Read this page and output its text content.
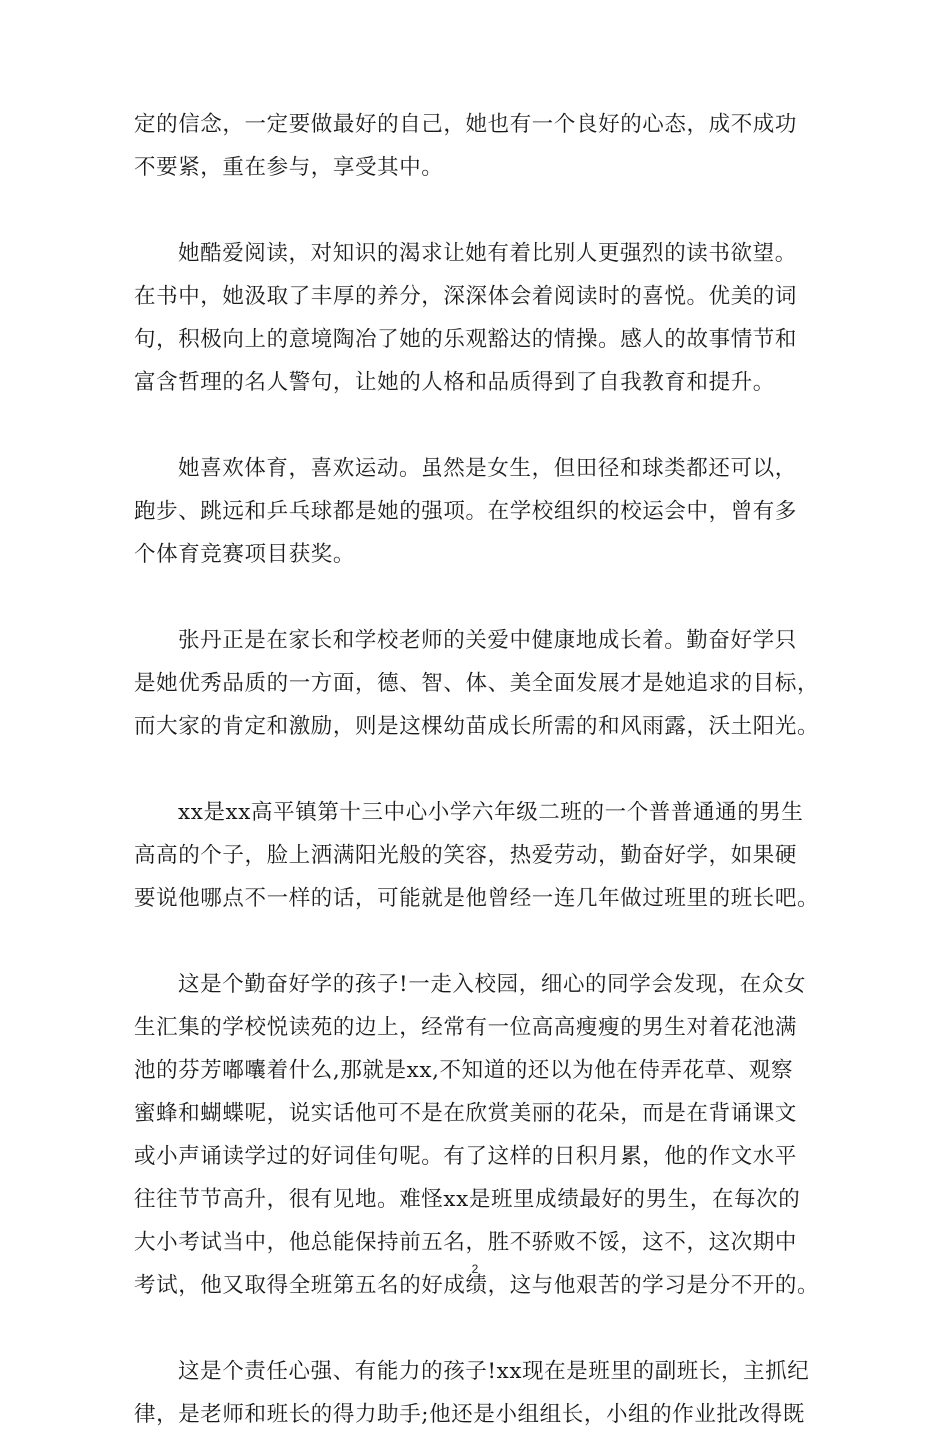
定的信念，一定要做最好的自己，她也有一个良好的心态，成不成功
不要紧，重在参与，享受其中。
她酷爱阅读，对知识的渴求让她有着比别人更强烈的读书欲望。
在书中，她汲取了丰厚的养分，深深体会着阅读时的喜悦。优美的词
句，积极向上的意境陶冶了她的乐观豁达的情操。感人的故事情节和
富含哲理的名人警句，让她的人格和品质得到了自我教育和提升。
她喜欢体育，喜欢运动。虽然是女生，但田径和球类都还可以，
跑步、跳远和乒乓球都是她的强项。在学校组织的校运会中，曾有多
个体育竞赛项目获奖。
张丹正是在家长和学校老师的关爱中健康地成长着。勤奋好学只
是她优秀品质的一方面，德、智、体、美全面发展才是她追求的目标，
而大家的肯定和激励，则是这棵幼苗成长所需的和风雨露，沃土阳光。
xx是xx高平镇第十三中心小学六年级二班的一个普普通通的男生
高高的个子，脸上洒满阳光般的笑容，热爱劳动，勤奋好学，如果硬
要说他哪点不一样的话，可能就是他曾经一连几年做过班里的班长吧。
这是个勤奋好学的孩子!一走入校园，细心的同学会发现，在众女
生汇集的学校悦读苑的边上，经常有一位高高瘦瘦的男生对着花池满
池的芬芳嘟囔着什么,那就是xx,不知道的还以为他在侍弄花草、观察
蜜蜂和蝴蝶呢，说实话他可不是在欣赏美丽的花朵，而是在背诵课文
或小声诵读学过的好词佳句呢。有了这样的日积月累，他的作文水平
往往节节高升，很有见地。难怪xx是班里成绩最好的男生，在每次的
大小考试当中，他总能保持前五名，胜不骄败不馁，这不，这次期中
考试，他又取得全班第五名的好成绩，这与他艰苦的学习是分不开的。
这是个责任心强、有能力的孩子!xx现在是班里的副班长，主抓纪
律，是老师和班长的得力助手;他还是小组组长，小组的作业批改得既
2
